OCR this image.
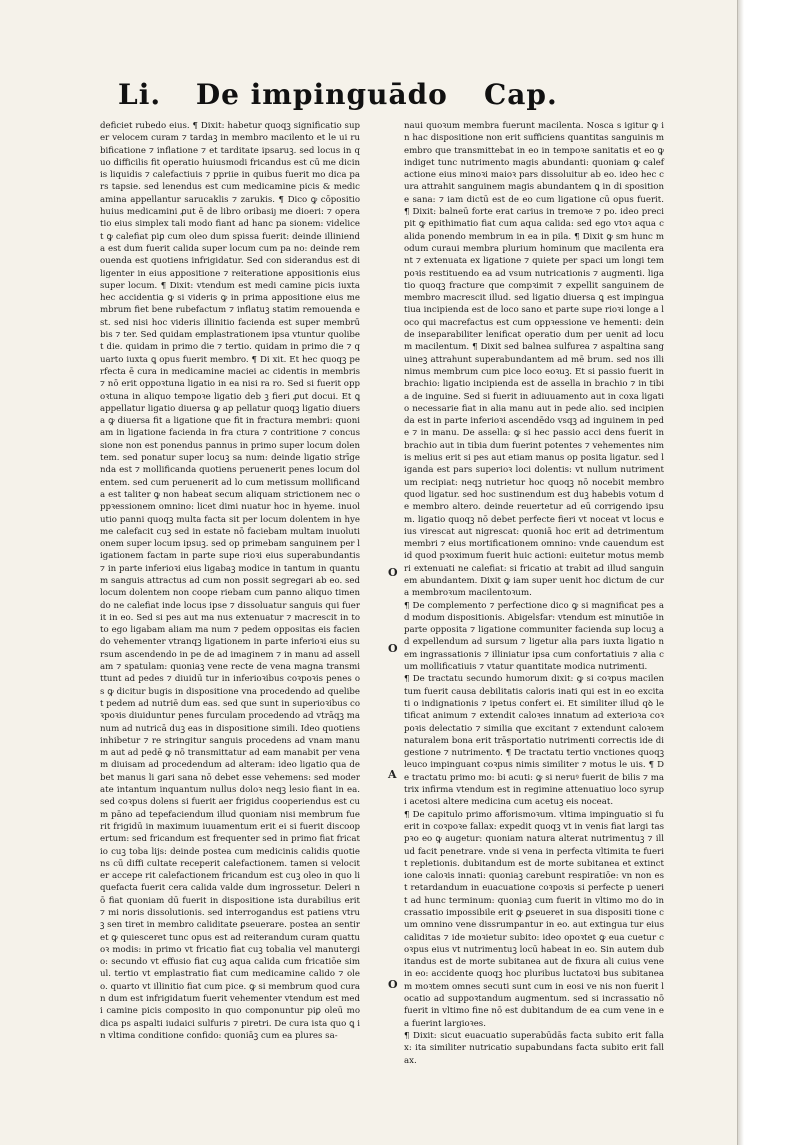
Li. De impinguādo Cap.

deficiet rubedo eius. ¶ Dixit: habetur quoqꝫ significatio super velocem curam ⁊ tardaꝫ in membro macilento et le ui rubificatione ⁊ inflatione ⁊ et tarditate ipsaruꝫ. sed locus in quo difficilis fit operatio huiusmodi fricandus est cū me dicinis liquidis ⁊ calefactiuis ⁊ ppriie in quibus fuerit mo dica pars tapsie. sed lenendus est cum medicamine picis & medicamina appellantur sarucaklis ⁊ zarukis. ¶ Dico ꝙ cōpositio huius medicamini ꝓut ē de libro oribasiȷ me dioeri: ⁊ operatio eius simplex tali modo fiant ad hanc pa sionem: videlicet ꝙ calefiat piꝑ cum oleo dum spissa fuerit: deinde illinienda est dum fuerit calida super locum cum pa no: deinde remouenda est quotiens infrigidatur. Sed con siderandus est diligenter in eius appositione ⁊ reiteratione appositionis eius super locum. ¶ Dixit: vtendum est medi camine picis iuxta hec accidentia ꝙ si videris ꝙ in prima appositione eius membrum fiet bene rubefactum ⁊ inflatuꝫ statim remouenda est. sed nisi hoc videris illinitio facienda est super membrū bis ⁊ ter. Sed quidam emplastrationem ipsa vtuntur quolibet die. quidam in primo die ⁊ tertio. quidam in primo die ⁊ quarto iuxta ꝗ opus fuerit membro. ¶ Di xit. Et hec quoqꝫ perfecta ē cura in medicamine maciei ac cidentis in membris ⁊ nō erit oppoꝛtuna ligatio in ea nisi ra ro. Sed si fuerit oppoꝛtuna in aliquo tempoꝛe ligatio deb ꝫ fieri ꝓut docui. Et ꝗ appellatur ligatio diuersa ꝙ ap pellatur quoqꝫ ligatio diuersa ꝙ diuersa fit a ligatione que fit in fractura membri: quoniam in ligatione facienda in fra ctura ⁊ contritione ⁊ concussione non est ponendus pannus in primo super locum dolentem. sed ponatur super locuꝫ sa num: deinde ligatio strīgenda est ⁊ mollificanda quotiens peruenerit penes locum dolentem. sed cum peruenerit ad lo cum metissum mollificanda est taliter ꝙ non habeat secum aliquam strictionem nec oppꝛessionem omnino: licet dimi nuatur hoc in hyeme. inuolutio panni quoqꝫ multa facta sit per locum dolentem in hyeme calefacit cuꝫ sed in estate nō faciebam multam inuolutionem super locum ipsuꝫ. sed op primebam sanguinem per ligationem factam in parte supe rioꝛi eius superabundantis ⁊ in parte inferioꝛi eius ligabaꝫ modice in tantum in quantum sanguis attractus ad cum non possit segregari ab eo. sed locum dolentem non coope riebam cum panno aliquo timendo ne calefiat inde locus ipse ⁊ dissoluatur sanguis qui fuerit in eo. Sed si pes aut ma nus extenuatur ⁊ macrescit in toto ego ligabam aliam ma num ⁊ pedem oppositas eis faciendo vehementer vtranqꝫ ligationem in parte inferioꝛi eius sursum ascendendo in pe de ad imaginem ⁊ in manu ad assellam ⁊ spatulam: quoniaꝫ vene recte de vena magna transmittunt ad pedes ⁊ diuidū tur in inferioꝛibus coꝛpoꝛis penes os ꝙ dicitur bugis in dispositione vna procedendo ad quelibet pedem ad nutriē dum eas. sed que sunt in superioꝛibus coꝛpoꝛis diuiduntur penes furculam procedendo ad vtrāqꝫ manum ad nutricā duꝫ eas in dispositione simili. Ideo quotiens inhibetur ⁊ re stringitur sanguis procedens ad vnam manum aut ad pedē ꝙ nō transmittatur ad eam manabit per venam diuisam ad procedendum ad alteram: ideo ligatio qua debet manus li gari sana nō debet esse vehemens: sed moderate intantum inquantum nullus doloꝛ neqꝫ lesio fiant in ea. sed coꝛpus dolens si fuerit aer frigidus cooperiendus est cum pāno ad tepefaciendum illud quoniam nisi membrum fuerit frigidū in maximum iuuamentum erit ei si fuerit discoopertum: sed fricandum est frequenter sed in primo fiat fricatio cuꝫ toba lijs: deinde postea cum medicinis calidis quotiens cū diffi cultate receperit calefactionem. tamen si velociter accepe rit calefactionem fricandum est cuꝫ oleo in quo liquefacta fuerit cera calida valde dum ingrossetur. Deleri nō fiat quoniam dū fuerit in dispositione ista durabilius erit ⁊ mi noris dissolutionis. sed interrogandus est patiens vtruꝫ sen tiret in membro caliditate ꝑseuerare. postea an sentiret ꝙ quiesceret tunc opus est ad reiterandum curam quattuoꝛ modis: in primo vt fricatio fiat cuꝫ tobalia vel manutergio: secundo vt effusio fiat cuꝫ aqua calida cum fricatiōe simul. tertio vt emplastratio fiat cum medicamine calido ⁊ oleo. quarto vt illinitio fiat cum pice. ꝙ si membrum quod curan dum est infrigidatum fuerit vehementer vtendum est medi camine picis composito in quo componuntur piꝑ oleū mo dica ps aspalti iudaici sulfuris ⁊ piretri. De cura ista quo ꝗ in vltima conditione confido: quoniāꝫ cum ea plures sa-

naui quoꝛum membra fuerunt macilenta. Nosca s igitur ꝙ in hac dispositione non erit sufficiens quantitas sanguinis membro que transmittebat in eo in tempoꝛe sanitatis et eo ꝙ indiget tunc nutrimento magis abundanti: quoniam ꝙ calefactione eius minoꝛi maioꝛ pars dissoluitur ab eo. ideo hec cura attrahit sanguinem magis abundantem ꝗ in di spositione sana: ⁊ iam dictū est de eo cum ligatione cū opus fuerit. ¶ Dixit: balneū forte erat carius in tremoꝛe ⁊ po. ideo precipit ꝙ epithimatio fiat cum aqua calida: sed ego vtoꝛ aqua calida ponendo membrum in ea in pila. ¶ Dixit ꝙ sm hunc modum curaui membra plurium hominum que macilenta erant ⁊ extenuata ex ligatione ⁊ quiete per spaci um longi tempoꝛis restituendo ea ad vsum nutricationis ⁊ augmenti. ligatio quoqꝫ fracture que compꝛimit ⁊ expellit sanguinem de membro macrescit illud. sed ligatio diuersa ꝗ est impinguatiua incipienda est de loco sano et parte supe rioꝛi longe a loco qui macrefactus est cum oppꝛessione ve hementi: deinde inseparabiliter lenificat operatio dum per uenit ad locum macilentum. ¶ Dixit sed balnea sulfurea ⁊ aspaltina sanguineꝫ attrahunt superabundantem ad mē brum. sed nos illinimus membrum cum pice loco eoꝛuꝫ. Et si passio fuerit in brachio: ligatio incipienda est de assella in brachio ⁊ in tibia de inguine. Sed si fuerit in adiuuamento aut in coxa ligatio necessarie fiat in alia manu aut in pede alio. sed incipienda est in parte inferioꝛi ascendēdo vsqꝫ ad inguinem in pede ⁊ in manu. De assella: ꝙ si hec passio acci dens fuerit in brachio aut in tibia dum fuerint potentes ⁊ vehementes nimis melius erit si pes aut etiam manus op posita ligatur. sed liganda est pars superioꝛ loci dolentis: vt nullum nutrimentum recipiat: neqꝫ nutrietur hoc quoqꝫ nō nocebit membro quod ligatur. sed hoc sustinendum est duꝫ habebis votum de membro altero. deinde reuertetur ad eū corrigendo ipsum. ligatio quoqꝫ nō debet perfecte fieri vt noceat vt locus eius virescat aut nigrescat: quoniā hoc erit ad detrimentum membri ⁊ eius mortificationem omnino: vnde cauendum est id quod pꝛoximum fuerit huic actioni: euitetur motus membri extenuati ne calefiat: si fricatio at trabit ad illud sanguinem abundantem. Dixit ꝙ iam super uenit hoc dictum de cura membroꝛum macilentoꝛum.

¶ De complemento ⁊ perfectione dico ꝙ si magnificat pes ad modum dispositionis. Abigelsfar: vtendum est minutiōe in parte opposita ⁊ ligatione communiter facienda sup locuꝫ ad expellendum ad sursum ⁊ ligetur alia pars iuxta ligatio nem ingrassationis ⁊ illiniatur ipsa cum confortatiuis ⁊ alia cum mollificatiuis ⁊ vtatur quantitate modica nutrimenti.

¶ De tractatu secundo humorum dixit: ꝙ si coꝛpus macilen tum fuerit causa debilitatis caloris inati qui est in eo excitati o indignationis ⁊ ipetus confert ei. Et similiter illud qꝺ le tificat animum ⁊ extendit caloꝛes innatum ad exterioꝛa coꝛ poꝛis delectatio ⁊ similia que excitant ⁊ extendunt caloꝛem naturalem bona erit trāsportatio nutrimenti correctis ide digestione ⁊ nutrimento. ¶ De tractatu tertio vnctiones quoqꝫ leuco impinguant coꝛpus nimis similiter ⁊ motus le uis. ¶ De tractatu primo mo: bi acuti: ꝙ si neruꝰ fuerit de bilis ⁊ matrix infirma vtendum est in regimine attenuatiuo loco syrupi acetosi altere medicina cum acetuꝫ eis noceat.

¶ De capitulo primo afforismoꝛum. vltima impinguatio si fuerit in coꝛpoꝛe fallax: expedit quoqꝫ vt in venis fiat largi tas pꝛo eo ꝙ augetur: quoniam natura alterat nutrimentuꝫ ⁊ illud facit penetrare. vnde si vena in perfecta vltimita te fuerit repletionis. dubitandum est de morte subitanea et extinctione caloꝛis innati: quoniaꝫ carebunt respiratiōe: vn non est retardandum in euacuatione coꝛpoꝛis si perfecte p uenerit ad hunc terminum: quoniaꝫ cum fuerit in vltimo mo do incrassatio impossibile erit ꝙ ꝑseueret in sua dispositi tione cum omnino vene dissrumpantur in eo. aut extingua tur eius caliditas ⁊ ide moꝛietur subito: ideo opoꝛtet ꝙ eua cuetur coꝛpus eius vt nutrimentuꝫ locū habeat in eo. Sin autem dubitandus est de morte subitanea aut de fixura ali cuius vene in eo: accidente quoqꝫ hoc pluribus luctatoꝛi bus subitaneam moꝛtem omnes secuti sunt cum in eosi ve nis non fuerit locatio ad suppoꝛtandum augmentum. sed si incrassatio nō fuerit in vltimo fine nō est dubitandum de ea cum vene in ea fuerint largioꝛes.

¶ Dixit: sicut euacuatio superabūdās facta subito erit fallax: ita similiter nutricatio supabundans facta subito erit fallax.

O
O
A
O
